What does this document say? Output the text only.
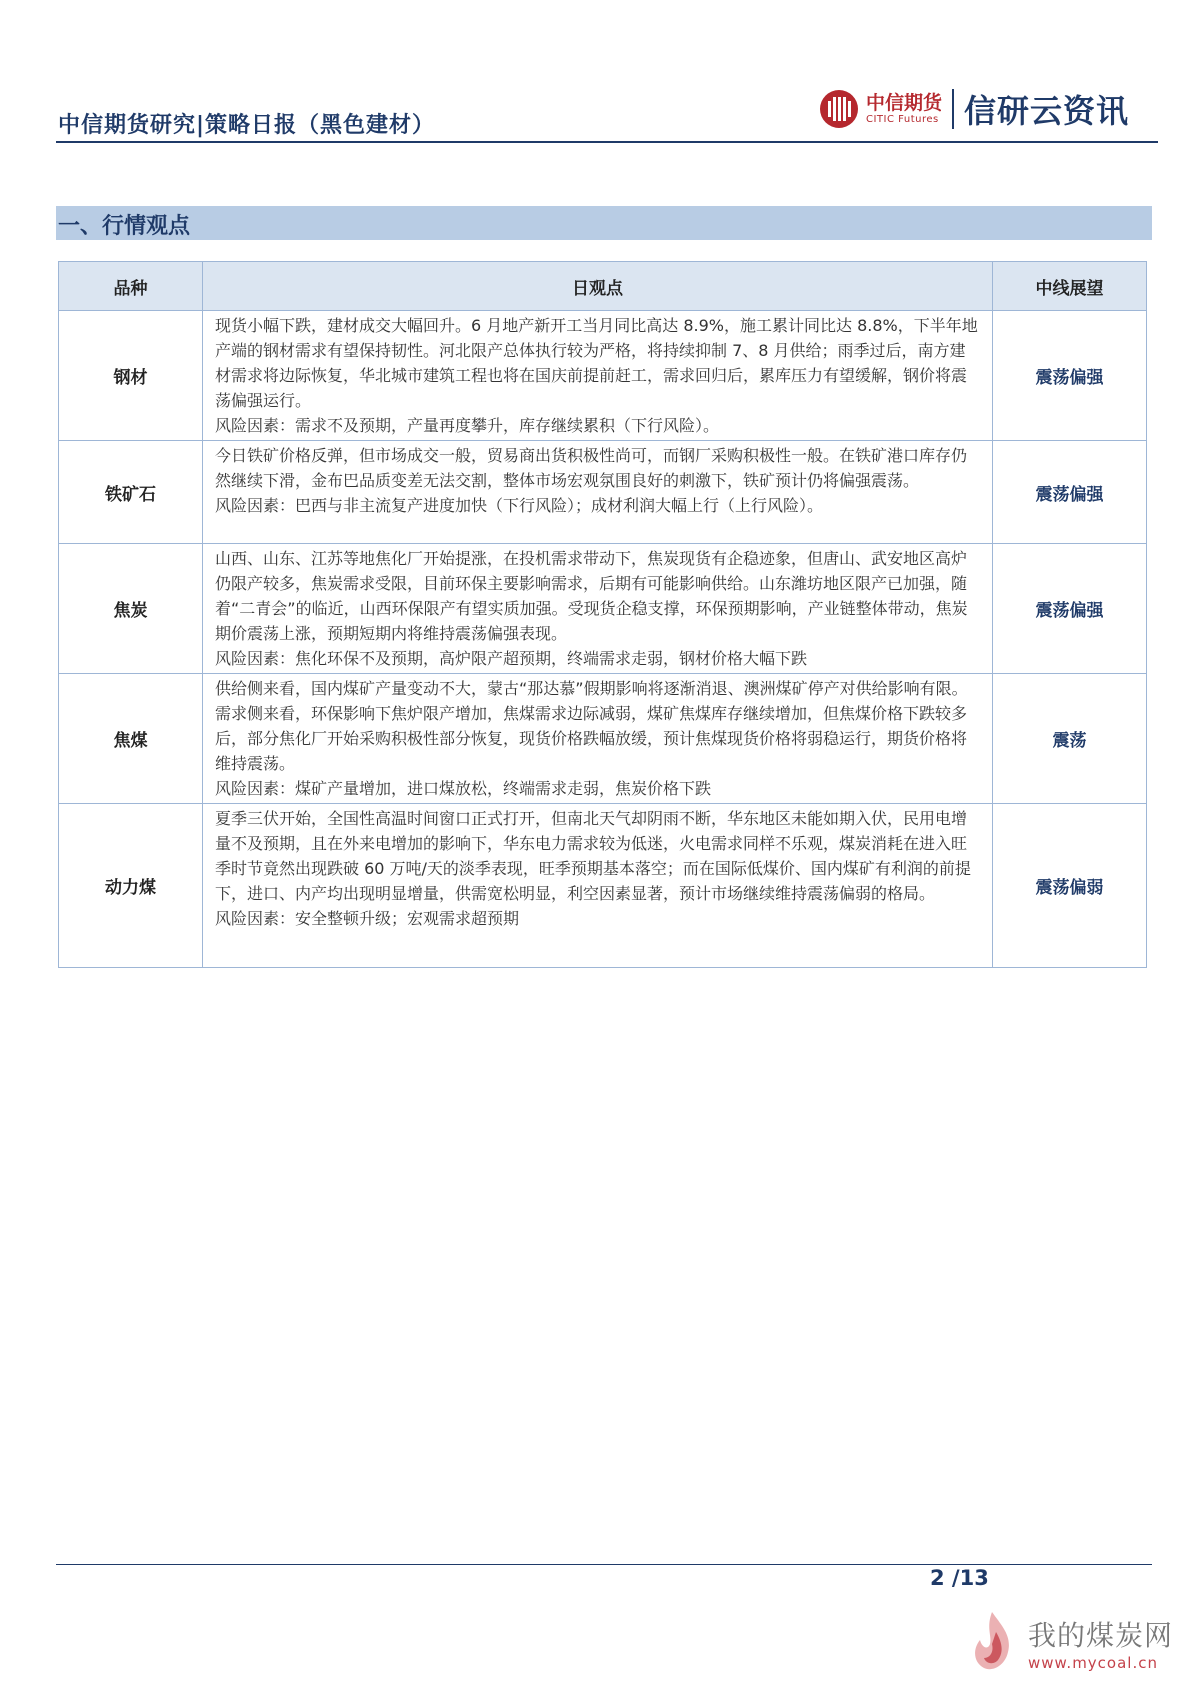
中信期货研究|策略日报（黑色建材）
中信期货
CITIC Futures 信研云资讯
一、行情观点
品种	日观点	中线展望
钢材	现货小幅下跌，建材成交大幅回升。6 月地产新开工当月同比高达 8.9%，施工累计同比达 8.8%，下半年地产端的钢材需求有望保持韧性。河北限产总体执行较为严格，将持续抑制 7、8 月供给；雨季过后，南方建材需求将边际恢复，华北城市建筑工程也将在国庆前提前赶工，需求回归后，累库压力有望缓解，钢价将震荡偏强运行。
风险因素：需求不及预期，产量再度攀升，库存继续累积（下行风险）。	震荡偏强
铁矿石	今日铁矿价格反弹，但市场成交一般，贸易商出货积极性尚可，而钢厂采购积极性一般。在铁矿港口库存仍然继续下滑，金布巴品质变差无法交割，整体市场宏观氛围良好的刺激下，铁矿预计仍将偏强震荡。
风险因素：巴西与非主流复产进度加快（下行风险）；成材利润大幅上行（上行风险）。	震荡偏强
焦炭	山西、山东、江苏等地焦化厂开始提涨，在投机需求带动下，焦炭现货有企稳迹象，但唐山、武安地区高炉仍限产较多，焦炭需求受限，目前环保主要影响需求，后期有可能影响供给。山东潍坊地区限产已加强，随着“二青会”的临近，山西环保限产有望实质加强。受现货企稳支撑，环保预期影响，产业链整体带动，焦炭期价震荡上涨，预期短期内将维持震荡偏强表现。
风险因素：焦化环保不及预期，高炉限产超预期，终端需求走弱，钢材价格大幅下跌	震荡偏强
焦煤	供给侧来看，国内煤矿产量变动不大，蒙古“那达慕”假期影响将逐渐消退、澳洲煤矿停产对供给影响有限。需求侧来看，环保影响下焦炉限产增加，焦煤需求边际减弱，煤矿焦煤库存继续增加，但焦煤价格下跌较多后，部分焦化厂开始采购积极性部分恢复，现货价格跌幅放缓，预计焦煤现货价格将弱稳运行，期货价格将维持震荡。
风险因素：煤矿产量增加，进口煤放松，终端需求走弱，焦炭价格下跌	震荡
动力煤	夏季三伏开始，全国性高温时间窗口正式打开，但南北天气却阴雨不断，华东地区未能如期入伏，民用电增量不及预期，且在外来电增加的影响下，华东电力需求较为低迷，火电需求同样不乐观，煤炭消耗在进入旺季时节竟然出现跌破 60 万吨/天的淡季表现，旺季预期基本落空；而在国际低煤价、国内煤矿有利润的前提下，进口、内产均出现明显增量，供需宽松明显，利空因素显著，预计市场继续维持震荡偏弱的格局。
风险因素：安全整顿升级；宏观需求超预期	震荡偏弱
2 /13
我的煤炭网
www.mycoal.cn
